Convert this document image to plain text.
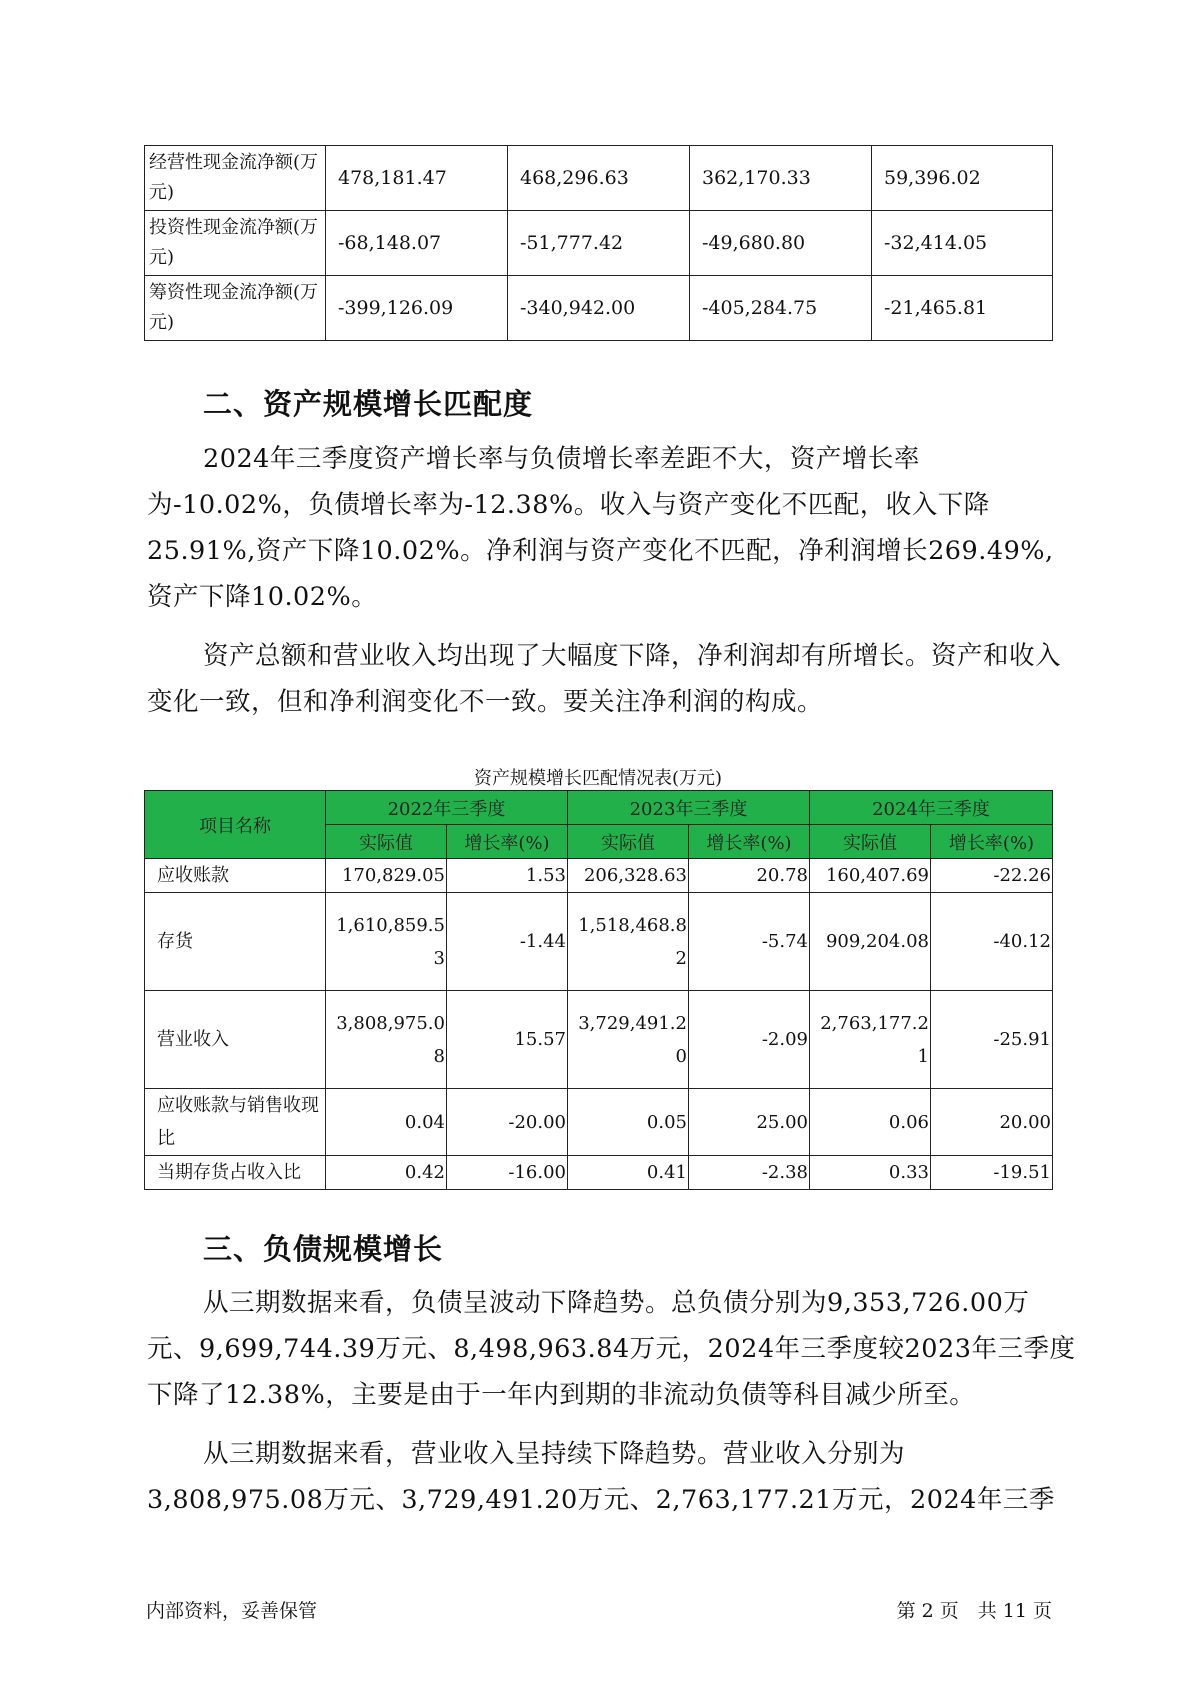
经营性现金流净额(万元)	478,181.47	468,296.63	362,170.33	59,396.02
投资性现金流净额(万元)	-68,148.07	-51,777.42	-49,680.80	-32,414.05
筹资性现金流净额(万元)	-399,126.09	-340,942.00	-405,284.75	-21,465.81
二、资产规模增长匹配度

2024年三季度资产增长率与负债增长率差距不大，资产增长率为-10.02%，负债增长率为-12.38%。收入与资产变化不匹配，收入下降25.91%,资产下降10.02%。净利润与资产变化不匹配，净利润增长269.49%,资产下降10.02%。

资产总额和营业收入均出现了大幅度下降，净利润却有所增长。资产和收入变化一致，但和净利润变化不一致。要关注净利润的构成。

资产规模增长匹配情况表(万元)
项目名称	2022年三季度		2023年三季度		2024年三季度	
	实际值	增长率(%)	实际值	增长率(%)	实际值	增长率(%)
应收账款	170,829.05	1.53	206,328.63	20.78	160,407.69	-22.26
存货	1,610,859.53	-1.44	1,518,468.82	-5.74	909,204.08	-40.12
营业收入	3,808,975.08	15.57	3,729,491.20	-2.09	2,763,177.21	-25.91
应收账款与销售收现比	0.04	-20.00	0.05	25.00	0.06	20.00
当期存货占收入比	0.42	-16.00	0.41	-2.38	0.33	-19.51
三、负债规模增长

从三期数据来看，负债呈波动下降趋势。总负债分别为9,353,726.00万元、9,699,744.39万元、8,498,963.84万元，2024年三季度较2023年三季度下降了12.38%，主要是由于一年内到期的非流动负债等科目减少所至。

从三期数据来看，营业收入呈持续下降趋势。营业收入分别为3,808,975.08万元、3,729,491.20万元、2,763,177.21万元，2024年三季

内部资料，妥善保管	第 2 页　共 11 页
